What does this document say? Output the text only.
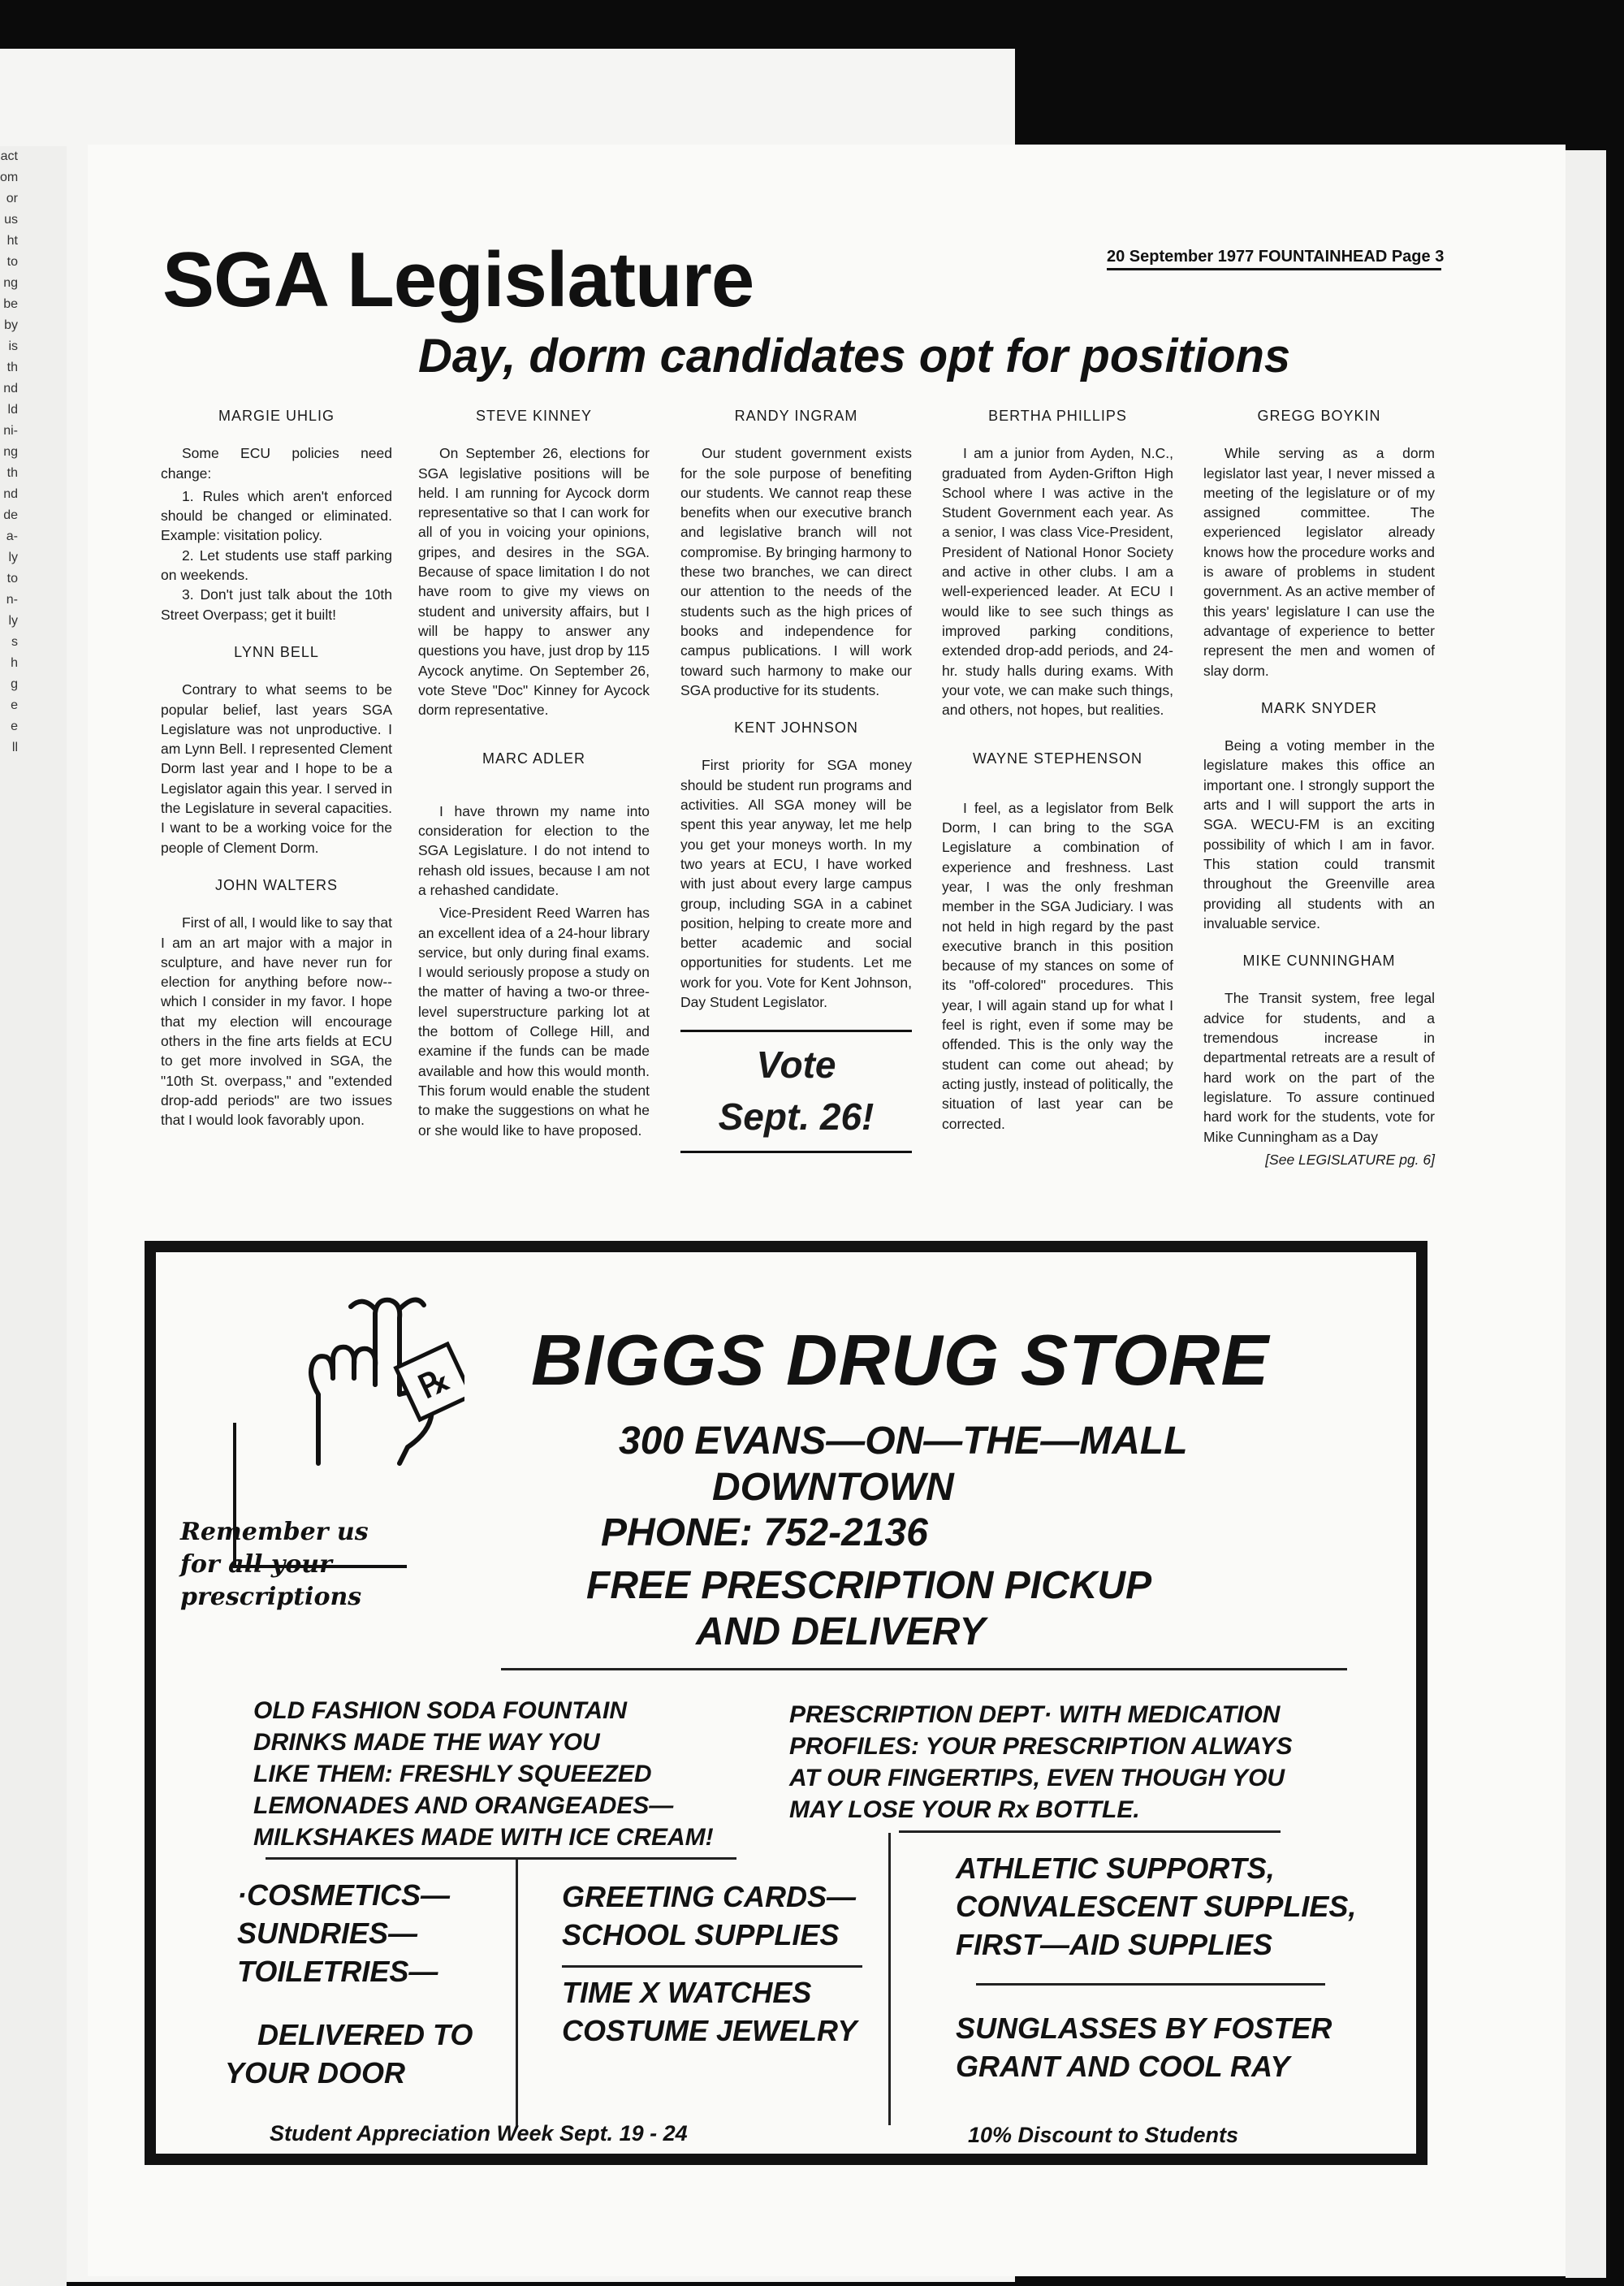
act
om
or
us
ht
to
ng
be
by
is
th
nd
ld
ni-
ng
th
nd
de
a-
ly
to
n-
ly
s
h
g
e
e
ll
SGA Legislature	20 September 1977 FOUNTAINHEAD Page 3
Day, dorm candidates opt for positions
MARGIE UHLIG

Some ECU policies need change:

1. Rules which aren't enforced should be changed or eliminated. Example: visitation policy.

2. Let students use staff parking on weekends.

3. Don't just talk about the 10th Street Overpass; get it built!

LYNN BELL

Contrary to what seems to be popular belief, last years SGA Legislature was not unproductive. I am Lynn Bell. I represented Clement Dorm last year and I hope to be a Legislator again this year. I served in the Legislature in several capacities. I want to be a working voice for the people of Clement Dorm.

JOHN WALTERS

First of all, I would like to say that I am an art major with a major in sculpture, and have never run for election for anything before now--which I consider in my favor. I hope that my election will encourage others in the fine arts fields at ECU to get more involved in SGA, the "10th St. overpass," and "extended drop-add periods" are two issues that I would look favorably upon.

STEVE KINNEY

On September 26, elections for SGA legislative positions will be held. I am running for Aycock dorm representative so that I can work for all of you in voicing your opinions, gripes, and desires in the SGA. Because of space limitation I do not have room to give my views on student and university affairs, but I will be happy to answer any questions you have, just drop by 115 Aycock anytime. On September 26, vote Steve "Doc" Kinney for Aycock dorm representative.

MARC ADLER

I have thrown my name into consideration for election to the SGA Legislature. I do not intend to rehash old issues, because I am not a rehashed candidate.

Vice-President Reed Warren has an excellent idea of a 24-hour library service, but only during final exams. I would seriously propose a study on the matter of having a two-or three-level superstructure parking lot at the bottom of College Hill, and examine if the funds can be made available and how this would month. This forum would enable the student to make the suggestions on what he or she would like to have proposed.

RANDY INGRAM

Our student government exists for the sole purpose of benefiting our students. We cannot reap these benefits when our executive branch and legislative branch will not compromise. By bringing harmony to these two branches, we can direct our attention to the needs of the students such as the high prices of books and independence for campus publications. I will work toward such harmony to make our SGA productive for its students.

KENT JOHNSON

First priority for SGA money should be student run programs and activities. All SGA money will be spent this year anyway, let me help you get your moneys worth. In my two years at ECU, I have worked with just about every large campus group, including SGA in a cabinet position, helping to create more and better academic and social opportunities for students. Let me work for you. Vote for Kent Johnson, Day Student Legislator.

Vote
Sept. 26!
BERTHA PHILLIPS

I am a junior from Ayden, N.C., graduated from Ayden-Grifton High School where I was active in the Student Government each year. As a senior, I was class Vice-President, President of National Honor Society and active in other clubs. I am a well-experienced leader. At ECU I would like to see such things as improved parking conditions, extended drop-add periods, and 24-hr. study halls during exams. With your vote, we can make such things, and others, not hopes, but realities.

WAYNE STEPHENSON

I feel, as a legislator from Belk Dorm, I can bring to the SGA Legislature a combination of experience and freshness. Last year, I was the only freshman member in the SGA Judiciary. I was not held in high regard by the past executive branch in this position because of my stances on some of its "off-colored" procedures. This year, I will again stand up for what I feel is right, even if some may be offended. This is the only way the student can come out ahead; by acting justly, instead of politically, the situation of last year can be corrected.

GREGG BOYKIN

While serving as a dorm legislator last year, I never missed a meeting of the legislature or of my assigned committee. The experienced legislator already knows how the procedure works and is aware of problems in student government. As an active member of this years' legislature I can use the advantage of experience to better represent the men and women of slay dorm.

MARK SNYDER

Being a voting member in the legislature makes this office an important one. I strongly support the arts and I will support the arts in SGA. WECU-FM is an exciting possibility of which I am in favor. This station could transmit throughout the Greenville area providing all students with an invaluable service.

MIKE CUNNINGHAM

The Transit system, free legal advice for students, and a tremendous increase in departmental retreats are a result of hard work on the part of the legislature. To assure continued hard work for the students, vote for Mike Cunningham as a Day

[See LEGISLATURE pg. 6]

℞
Remember us
for all your
prescriptions
BIGGS DRUG STORE
300 EVANS—ON—THE—MALL
DOWNTOWN
PHONE: 752-2136
FREE PRESCRIPTION PICKUP
AND DELIVERY
OLD FASHION SODA FOUNTAIN
DRINKS MADE THE WAY YOU
LIKE THEM: FRESHLY SQUEEZED
LEMONADES AND ORANGEADES—
MILKSHAKES MADE WITH ICE CREAM!
PRESCRIPTION DEPT· WITH MEDICATION
PROFILES: YOUR PRESCRIPTION ALWAYS
AT OUR FINGERTIPS, EVEN THOUGH YOU
MAY LOSE YOUR Rx BOTTLE.
·COSMETICS—
SUNDRIES—
TOILETRIES—
DELIVERED TO
YOUR DOOR
GREETING CARDS—
SCHOOL SUPPLIES
TIME X WATCHES
COSTUME JEWELRY
ATHLETIC SUPPORTS,
CONVALESCENT SUPPLIES,
FIRST—AID SUPPLIES
SUNGLASSES BY FOSTER
GRANT AND COOL RAY
Student Appreciation Week Sept. 19 - 24	10% Discount to Students
